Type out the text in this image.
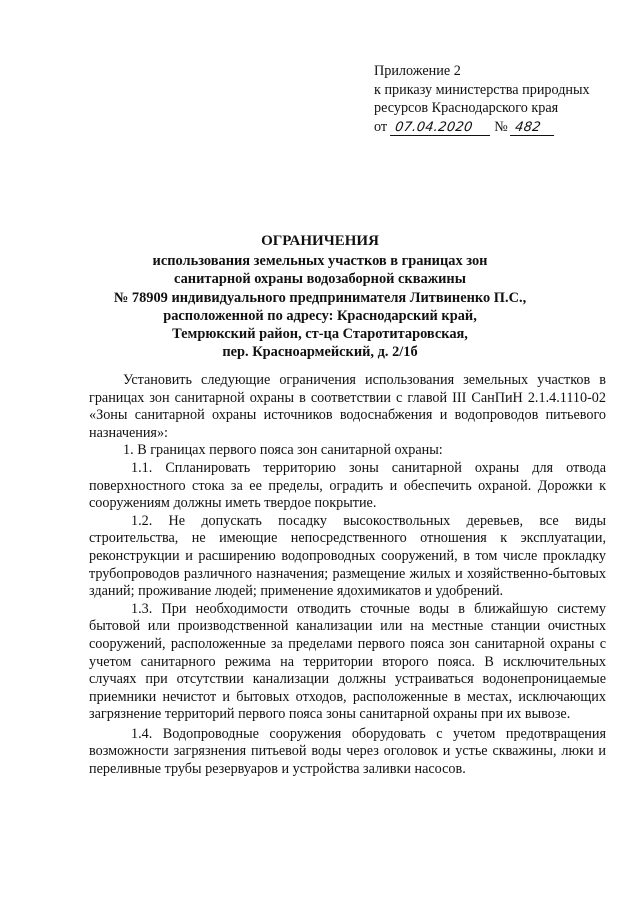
Приложение 2
к приказу министерства природных
ресурсов Краснодарского края
от 07.04.2020 № 482
ОГРАНИЧЕНИЯ
использования земельных участков в границах зон
санитарной охраны водозаборной скважины
№ 78909 индивидуального предпринимателя Литвиненко П.С.,
расположенной по адресу: Краснодарский край,
Темрюкский район, ст-ца Старотитаровская,
пер. Красноармейский, д. 2/1б

Установить следующие ограничения использования земельных участков в границах зон санитарной охраны в соответствии с главой III СанПиН 2.1.4.1110-02 «Зоны санитарной охраны источников водоснабжения и водопроводов питьевого назначения»:

1. В границах первого пояса зон санитарной охраны:

1.1. Спланировать территорию зоны санитарной охраны для отвода поверхностного стока за ее пределы, оградить и обеспечить охраной. Дорожки к сооружениям должны иметь твердое покрытие.

1.2. Не допускать посадку высокоствольных деревьев, все виды строительства, не имеющие непосредственного отношения к эксплуатации, реконструкции и расширению водопроводных сооружений, в том числе прокладку трубопроводов различного назначения; размещение жилых и хозяйственно-бытовых зданий; проживание людей; применение ядохимикатов и удобрений.

1.3. При необходимости отводить сточные воды в ближайшую систему бытовой или производственной канализации или на местные станции очистных сооружений, расположенные за пределами первого пояса зон санитарной охраны с учетом санитарного режима на территории второго пояса. В исключительных случаях при отсутствии канализации должны устраиваться водонепроницаемые приемники нечистот и бытовых отходов, расположенные в местах, исключающих загрязнение территорий первого пояса зоны санитарной охраны при их вывозе.

1.4. Водопроводные сооружения оборудовать с учетом предотвращения возможности загрязнения питьевой воды через оголовок и устье скважины, люки и переливные трубы резервуаров и устройства заливки насосов.
